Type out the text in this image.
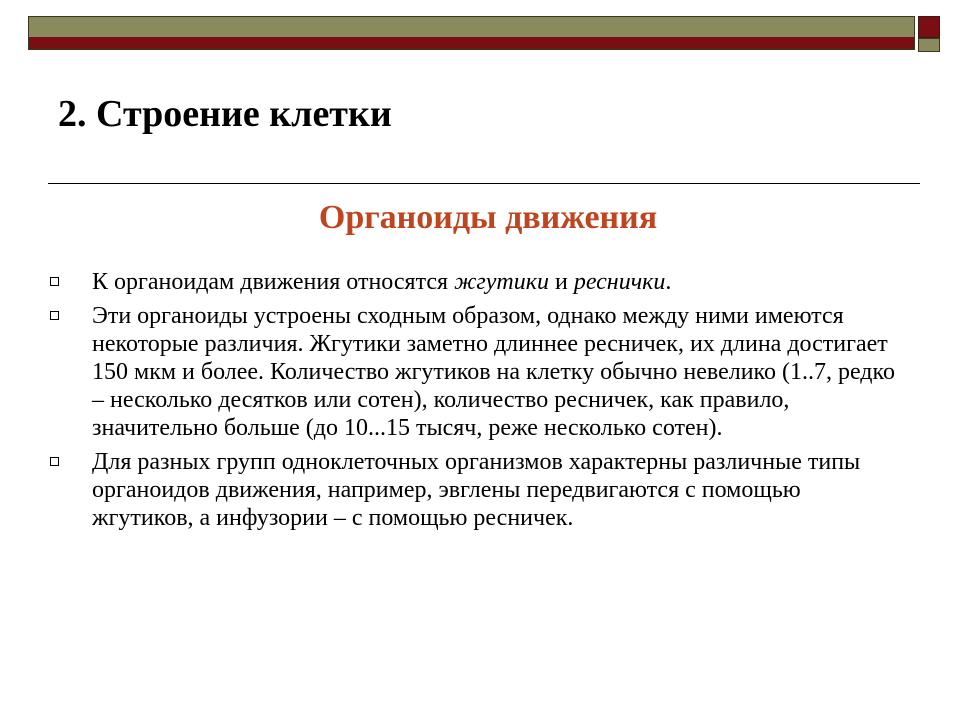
2. Строение клетки
Органоиды движения
К органоидам движения относятся жгутики и реснички.
Эти органоиды устроены сходным образом, однако между ними имеются некоторые различия. Жгутики заметно длиннее ресничек, их длина достигает 150 мкм и более. Количество жгутиков на клетку обычно невелико (1..7, редко – несколько десятков или сотен), количество ресничек, как правило, значительно больше (до 10...15 тысяч, реже несколько сотен).
Для разных групп одноклеточных организмов характерны различные типы органоидов движения, например, эвглены передвигаются с помощью жгутиков, а инфузории – с помощью ресничек.
